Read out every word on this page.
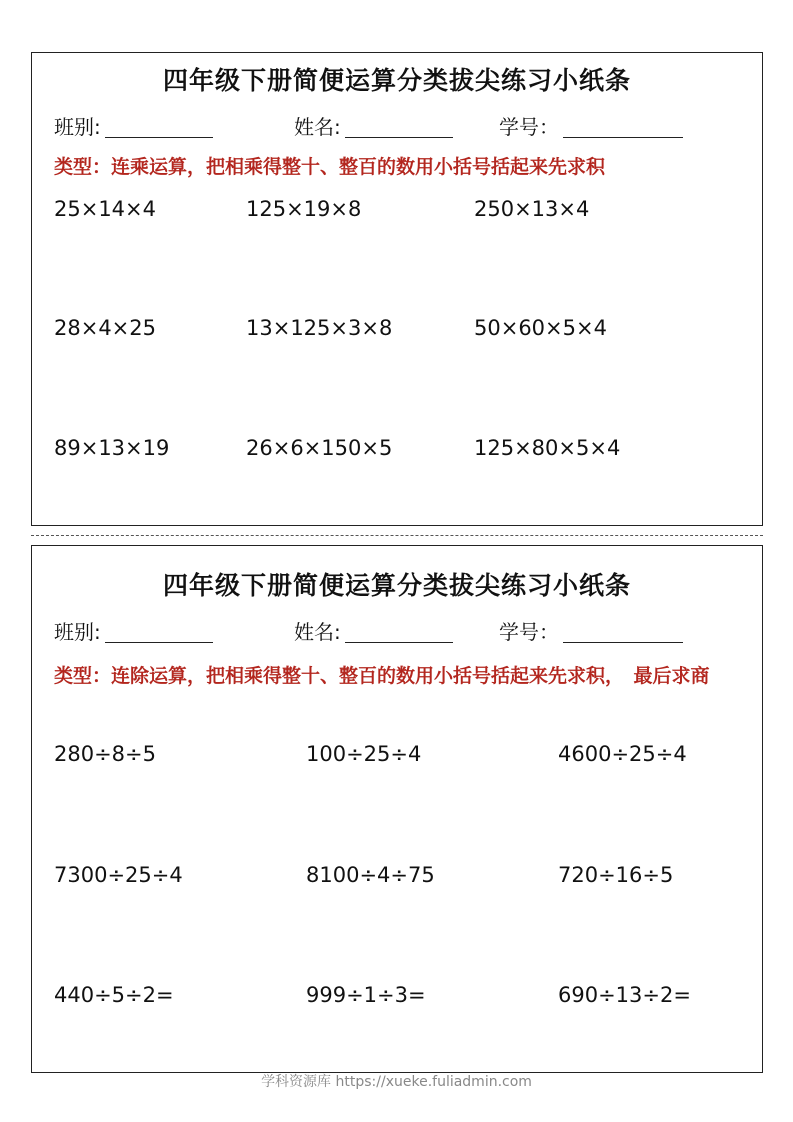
四年级下册简便运算分类拔尖练习小纸条
班别:	姓名:	学号：
类型：连乘运算，把相乘得整十、整百的数用小括号括起来先求积
25×14×4	125×19×8	250×13×4
28×4×25	13×125×3×8	50×60×5×4
89×13×19	26×6×150×5	125×80×5×4
四年级下册简便运算分类拔尖练习小纸条
班别:	姓名:	学号：
类型：连除运算，把相乘得整十、整百的数用小括号括起来先求积，　最后求商
280÷8÷5	100÷25÷4	4600÷25÷4
7300÷25÷4	8100÷4÷75	720÷16÷5
440÷5÷2=	999÷1÷3=	690÷13÷2=
学科资源库 https://xueke.fuliadmin.com
